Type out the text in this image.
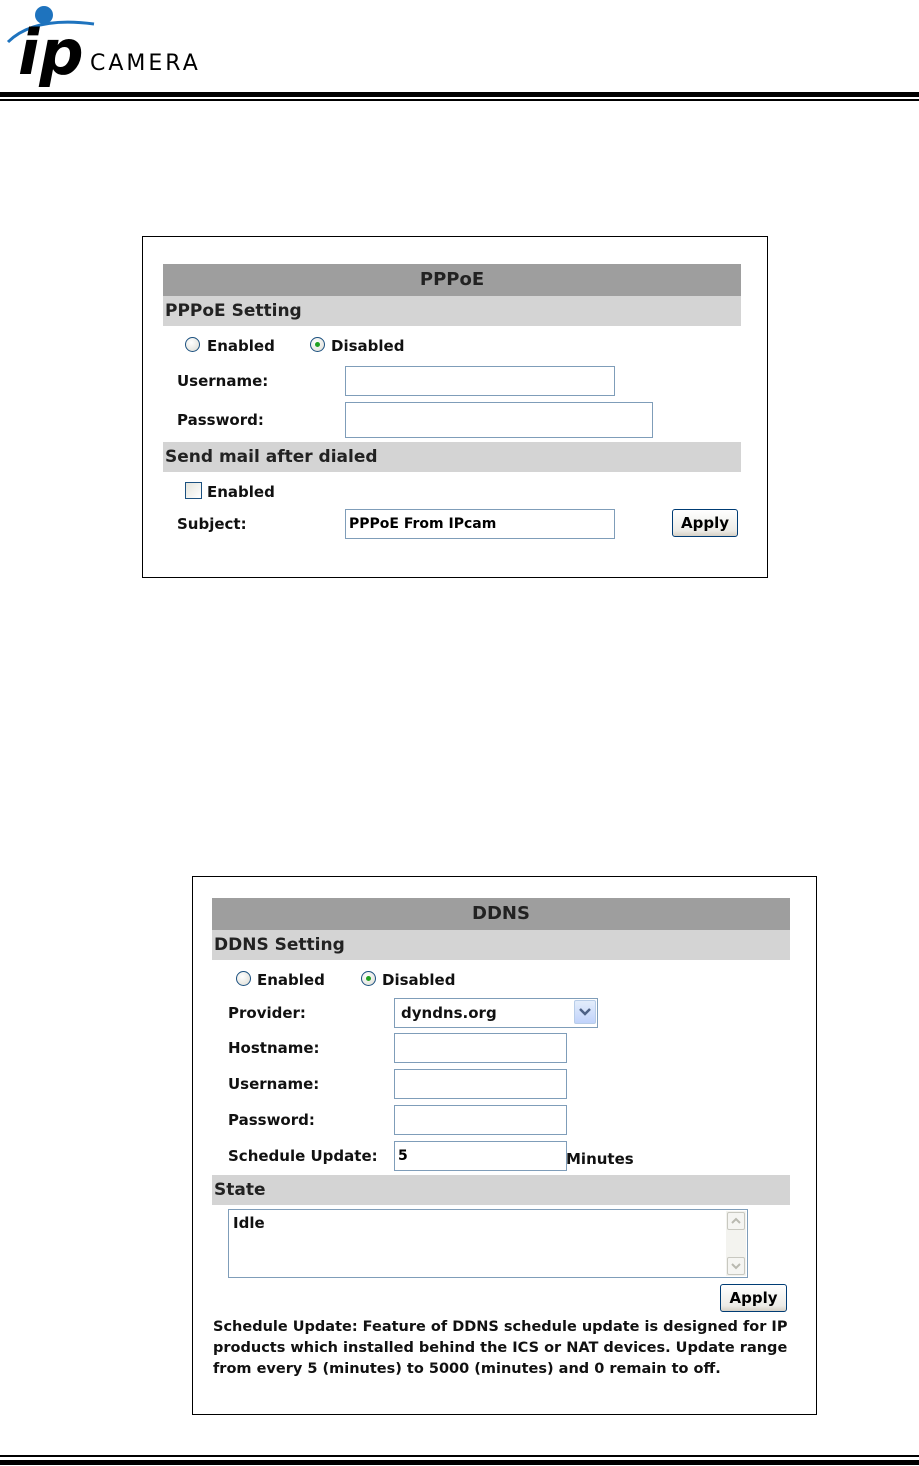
ip CAMERA
PPPoE
PPPoE Setting
Enabled	Disabled
Username:
Password:
Send mail after dialed
Enabled
Subject:
PPPoE From IPcam	Apply
DDNS
DDNS Setting
Enabled	Disabled
Provider:	dyndns.org
Hostname:
Username:
Password:
Schedule Update:
5	Minutes
State
Idle
Apply
Schedule Update: Feature of DDNS schedule update is designed for IP products which installed behind the ICS or NAT devices. Update range from every 5 (minutes) to 5000 (minutes) and 0 remain to off.
